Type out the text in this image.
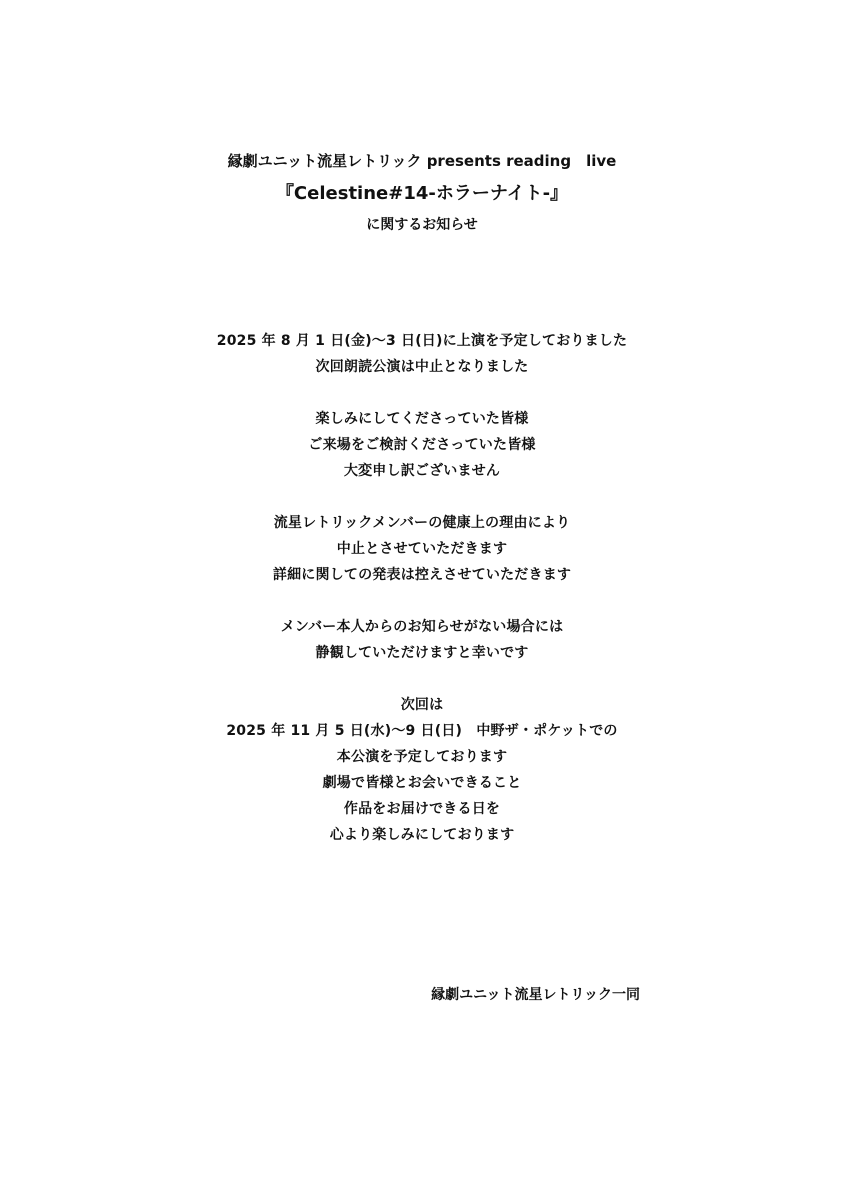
縁劇ユニット流星レトリック presents reading　live
『Celestine#14-ホラーナイト-』
に関するお知らせ
2025 年 8 月 1 日(金)～3 日(日)に上演を予定しておりました
次回朗読公演は中止となりました
楽しみにしてくださっていた皆様
ご来場をご検討くださっていた皆様
大変申し訳ございません
流星レトリックメンバーの健康上の理由により
中止とさせていただきます
詳細に関しての発表は控えさせていただきます
メンバー本人からのお知らせがない場合には
静観していただけますと幸いです
次回は
2025 年 11 月 5 日(水)～9 日(日)　中野ザ・ポケットでの
本公演を予定しております
劇場で皆様とお会いできること
作品をお届けできる日を
心より楽しみにしております
縁劇ユニット流星レトリック一同
